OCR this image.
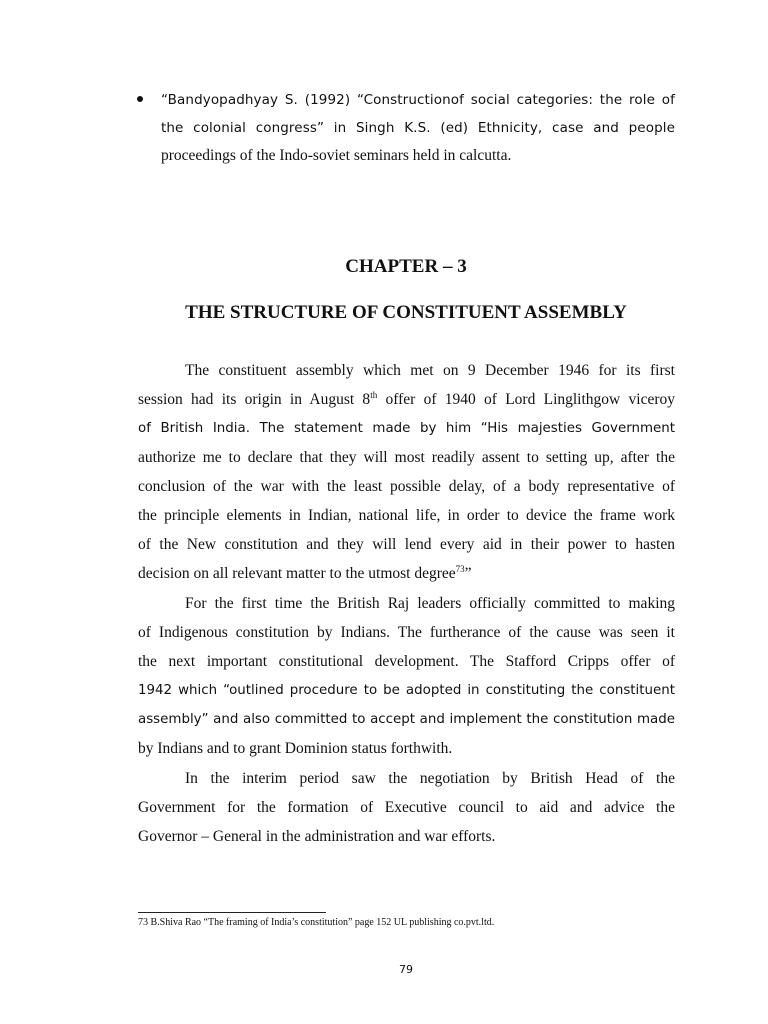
“Bandyopadhyay S. (1992) “Constructionof social categories: the role of
the colonial congress” in Singh K.S. (ed) Ethnicity, case and people
proceedings of the Indo-soviet seminars held in calcutta.
CHAPTER – 3
THE STRUCTURE OF CONSTITUENT ASSEMBLY
The constituent assembly which met on 9 December 1946 for its first
session had its origin in August 8th offer of 1940 of Lord Linglithgow viceroy
of British India. The statement made by him “His majesties Government
authorize me to declare that they will most readily assent to setting up, after the
conclusion of the war with the least possible delay, of a body representative of
the principle elements in Indian, national life, in order to device the frame work
of the New constitution and they will lend every aid in their power to hasten
decision on all relevant matter to the utmost degree$^{73}$”
For the first time the British Raj leaders officially committed to making
of Indigenous constitution by Indians. The furtherance of the cause was seen it
the next important constitutional development. The Stafford Cripps offer of
1942 which “outlined procedure to be adopted in constituting the constituent
assembly” and also committed to accept and implement the constitution made
by Indians and to grant Dominion status forthwith.
In the interim period saw the negotiation by British Head of the
Government for the formation of Executive council to aid and advice the
Governor – General in the administration and war efforts.
73 B.Shiva Rao “The framing of India’s constitution” page 152 UL publishing co.pvt.ltd.
79
